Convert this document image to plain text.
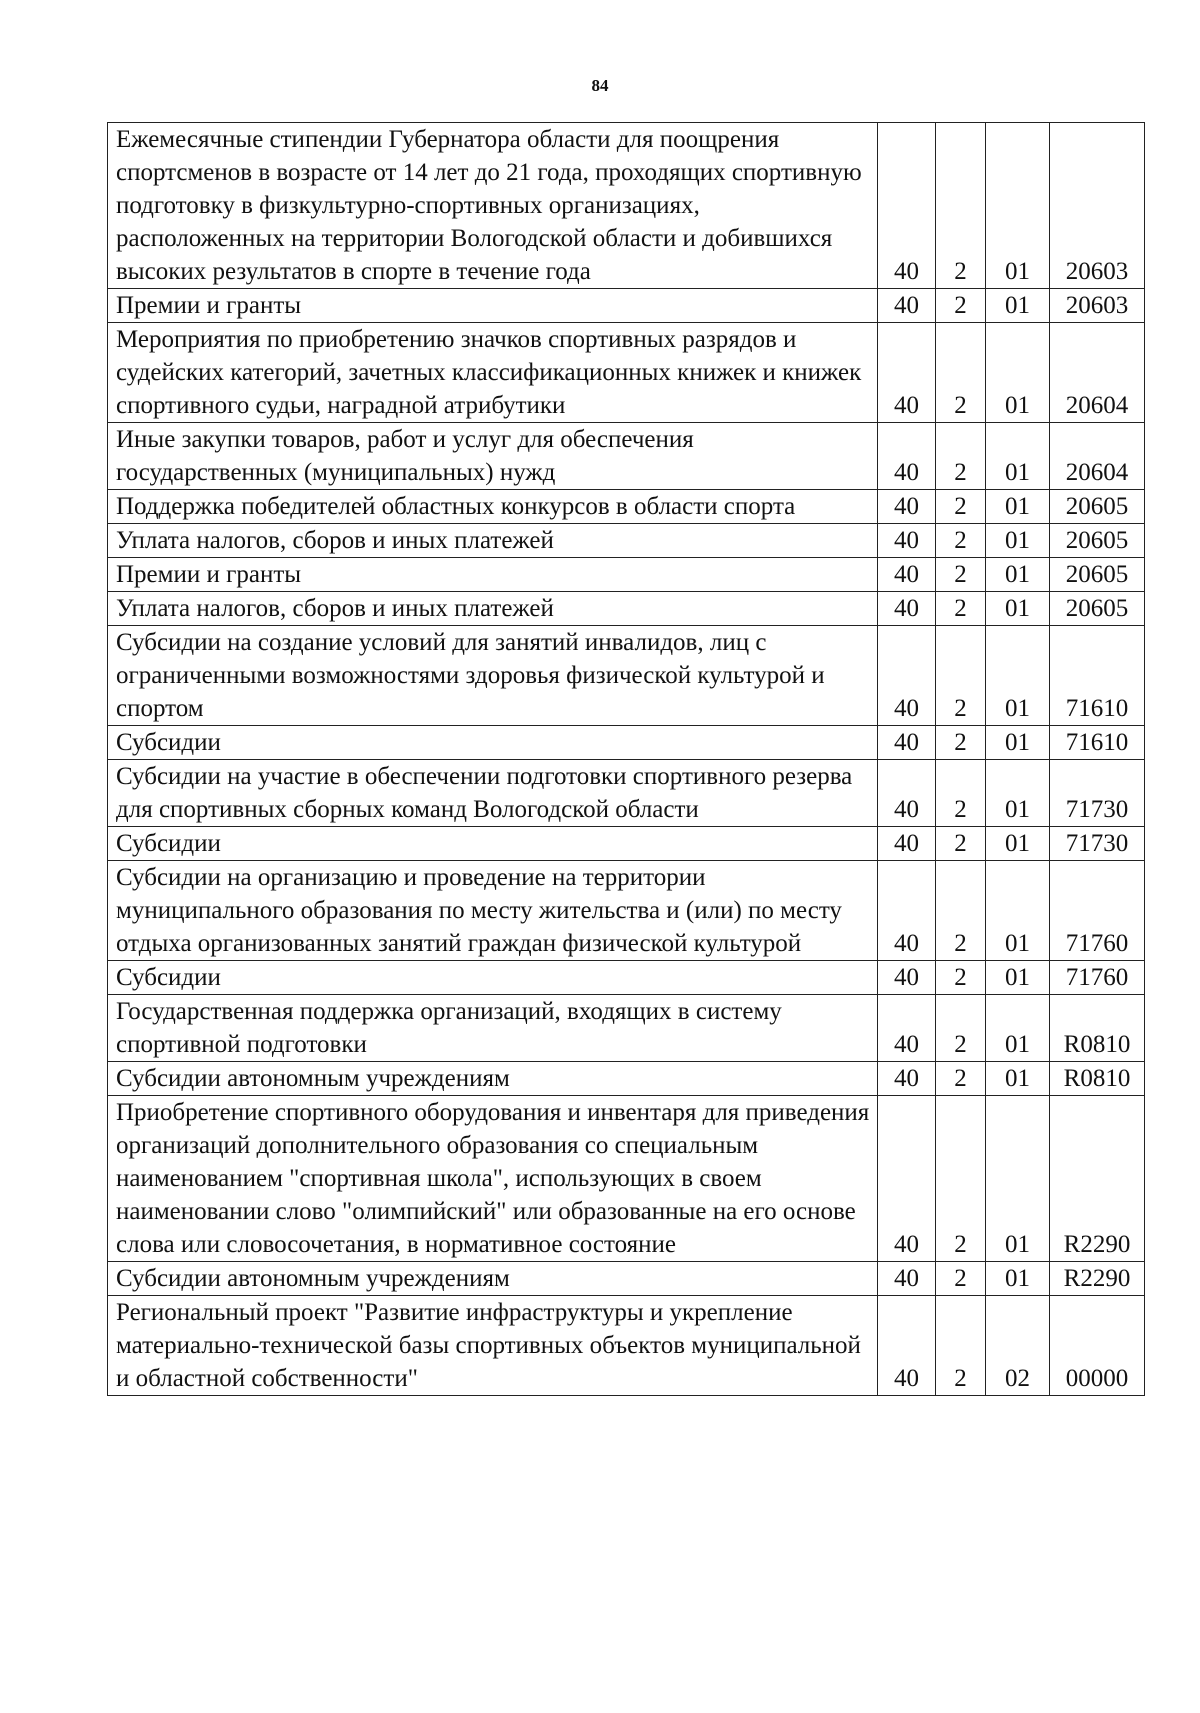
84
Ежемесячные стипендии Губернатора области для поощрения спортсменов в возрасте от 14 лет до 21 года, проходящих спортивную подготовку в физкультурно-спортивных организациях, расположенных на территории Вологодской области и добившихся высоких результатов в спорте в течение года	40	2	01	20603
Премии и гранты	40	2	01	20603
Мероприятия по приобретению значков спортивных разрядов и судейских категорий, зачетных классификационных книжек и книжек спортивного судьи, наградной атрибутики	40	2	01	20604
Иные закупки товаров, работ и услуг для обеспечения государственных (муниципальных) нужд	40	2	01	20604
Поддержка победителей областных конкурсов в области спорта	40	2	01	20605
Уплата налогов, сборов и иных платежей	40	2	01	20605
Премии и гранты	40	2	01	20605
Уплата налогов, сборов и иных платежей	40	2	01	20605
Субсидии на создание условий для занятий инвалидов, лиц с ограниченными возможностями здоровья физической культурой и спортом	40	2	01	71610
Субсидии	40	2	01	71610
Субсидии на участие в обеспечении подготовки спортивного резерва для спортивных сборных команд Вологодской области	40	2	01	71730
Субсидии	40	2	01	71730
Субсидии на организацию и проведение на территории муниципального образования по месту жительства и (или) по месту отдыха организованных занятий граждан физической культурой	40	2	01	71760
Субсидии	40	2	01	71760
Государственная поддержка организаций, входящих в систему спортивной подготовки	40	2	01	R0810
Субсидии автономным учреждениям	40	2	01	R0810
Приобретение спортивного оборудования и инвентаря для приведения организаций дополнительного образования со специальным наименованием "спортивная школа", использующих в своем наименовании слово "олимпийский" или образованные на его основе слова или словосочетания, в нормативное состояние	40	2	01	R2290
Субсидии автономным учреждениям	40	2	01	R2290
Региональный проект "Развитие инфраструктуры и укрепление материально-технической базы спортивных объектов муниципальной и областной собственности"	40	2	02	00000
